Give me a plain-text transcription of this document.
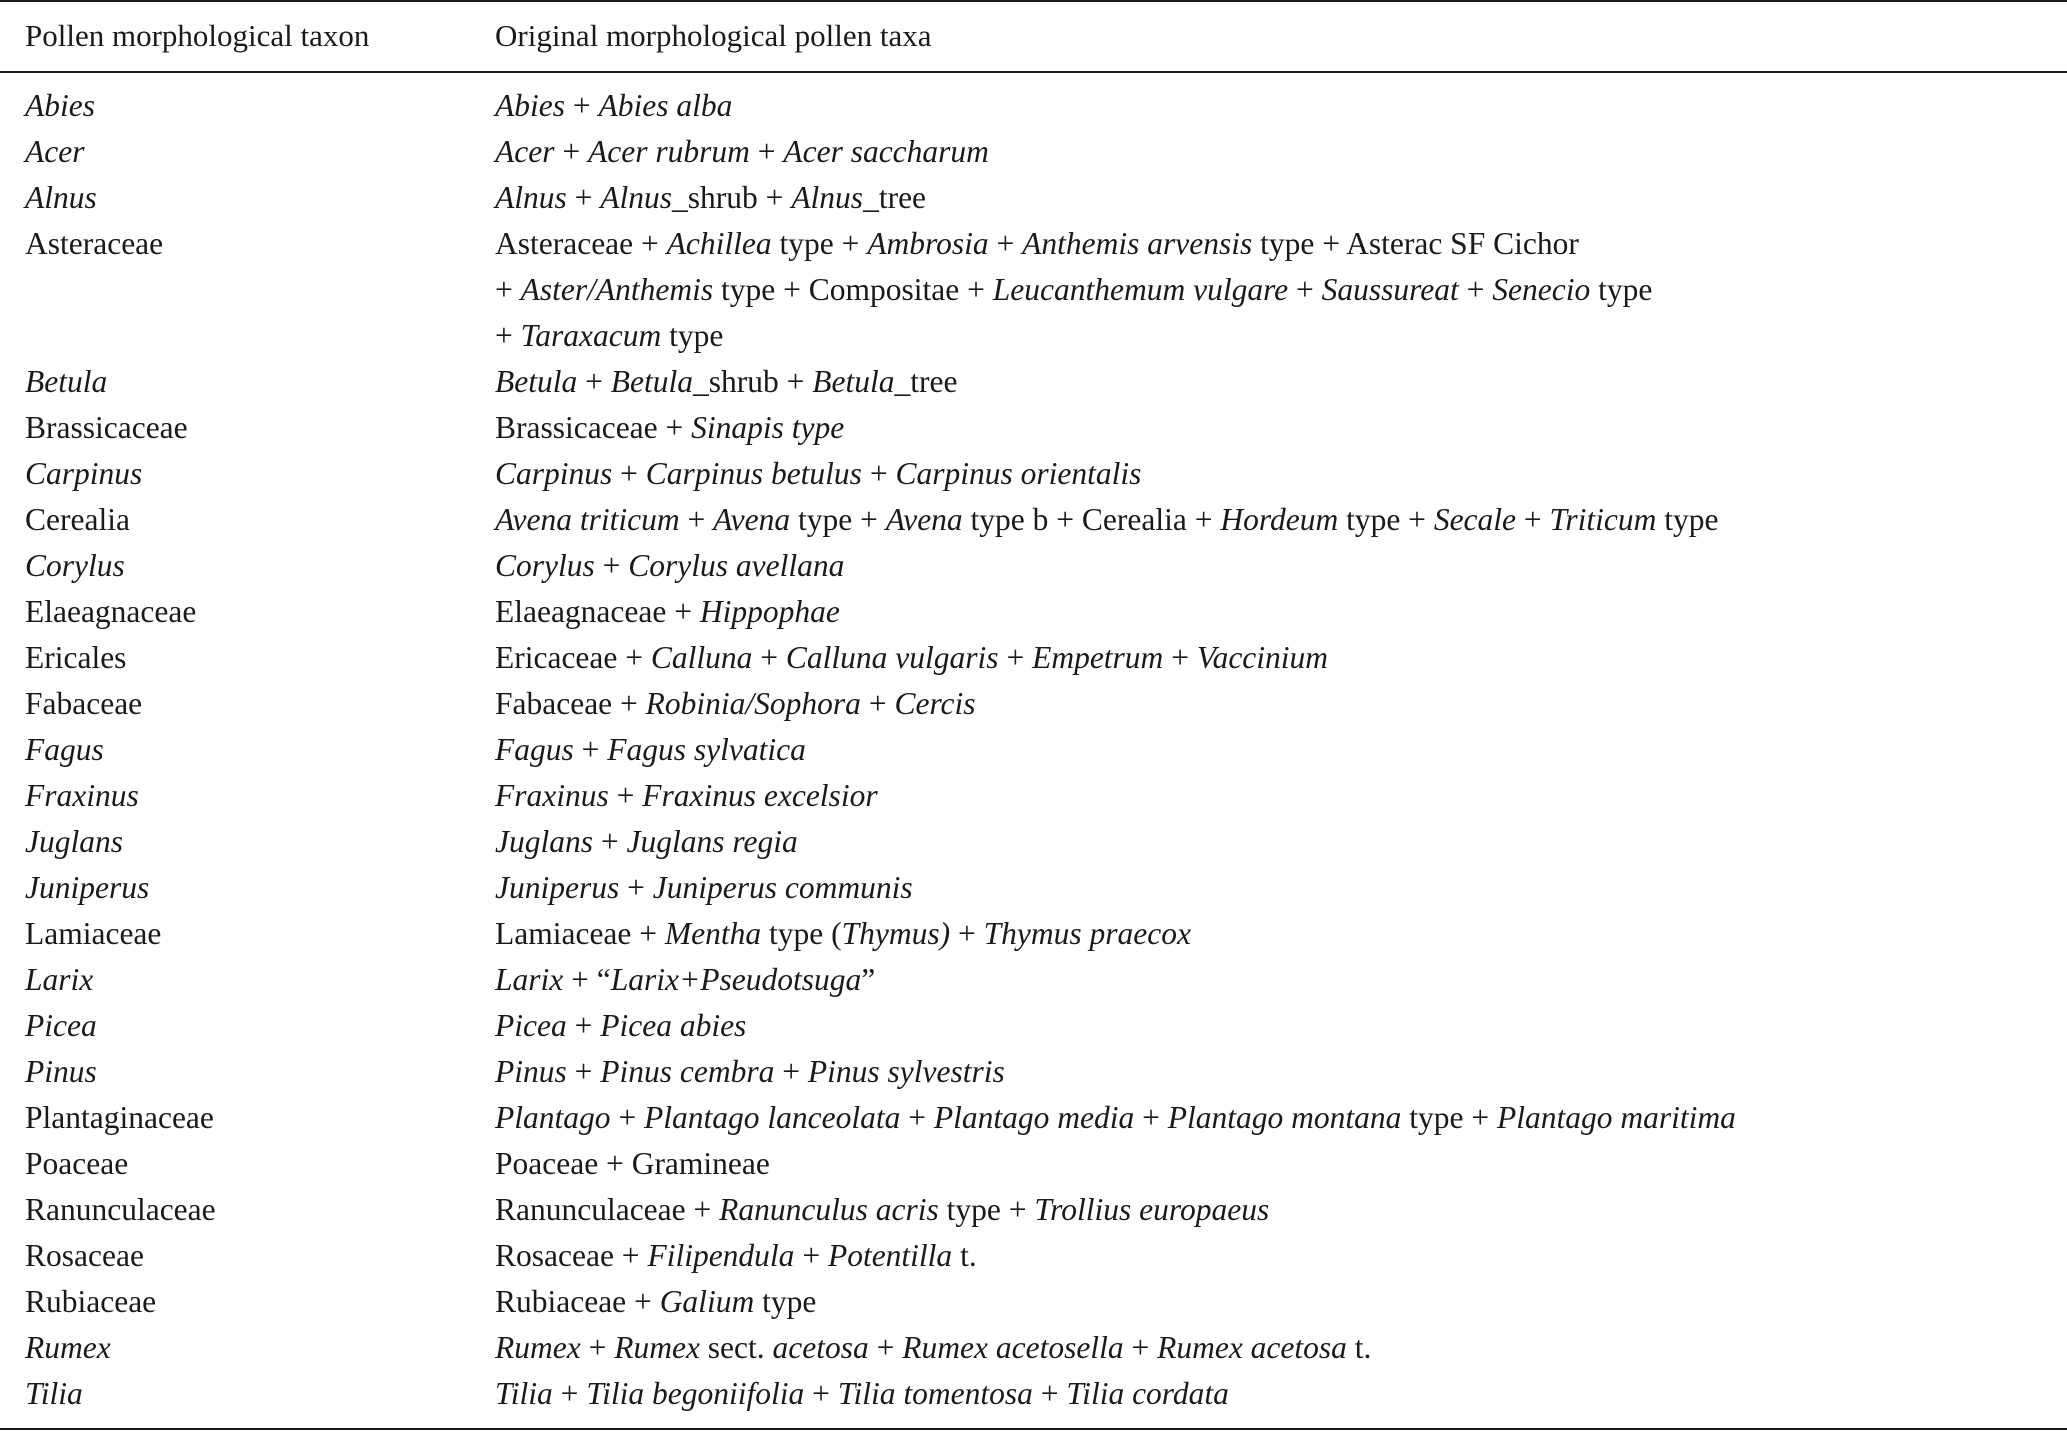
Pollen morphological taxon	Original morphological pollen taxa
Abies	Abies + Abies alba
Acer	Acer + Acer rubrum + Acer saccharum
Alnus	Alnus + Alnus_shrub + Alnus_tree
Asteraceae	Asteraceae + Achillea type + Ambrosia + Anthemis arvensis type + Asterac SF Cichor
+ Aster/Anthemis type + Compositae + Leucanthemum vulgare + Saussureat + Senecio type
+ Taraxacum type
Betula	Betula + Betula_shrub + Betula_tree
Brassicaceae	Brassicaceae + Sinapis type
Carpinus	Carpinus + Carpinus betulus + Carpinus orientalis
Cerealia	Avena triticum + Avena type + Avena type b + Cerealia + Hordeum type + Secale + Triticum type
Corylus	Corylus + Corylus avellana
Elaeagnaceae	Elaeagnaceae + Hippophae
Ericales	Ericaceae + Calluna + Calluna vulgaris + Empetrum + Vaccinium
Fabaceae	Fabaceae + Robinia/Sophora + Cercis
Fagus	Fagus + Fagus sylvatica
Fraxinus	Fraxinus + Fraxinus excelsior
Juglans	Juglans + Juglans regia
Juniperus	Juniperus + Juniperus communis
Lamiaceae	Lamiaceae + Mentha type (Thymus) + Thymus praecox
Larix	Larix + “Larix+Pseudotsuga”
Picea	Picea + Picea abies
Pinus	Pinus + Pinus cembra + Pinus sylvestris
Plantaginaceae	Plantago + Plantago lanceolata + Plantago media + Plantago montana type + Plantago maritima
Poaceae	Poaceae + Gramineae
Ranunculaceae	Ranunculaceae + Ranunculus acris type + Trollius europaeus
Rosaceae	Rosaceae + Filipendula + Potentilla t.
Rubiaceae	Rubiaceae + Galium type
Rumex	Rumex + Rumex sect. acetosa + Rumex acetosella + Rumex acetosa t.
Tilia	Tilia + Tilia begoniifolia + Tilia tomentosa + Tilia cordata
